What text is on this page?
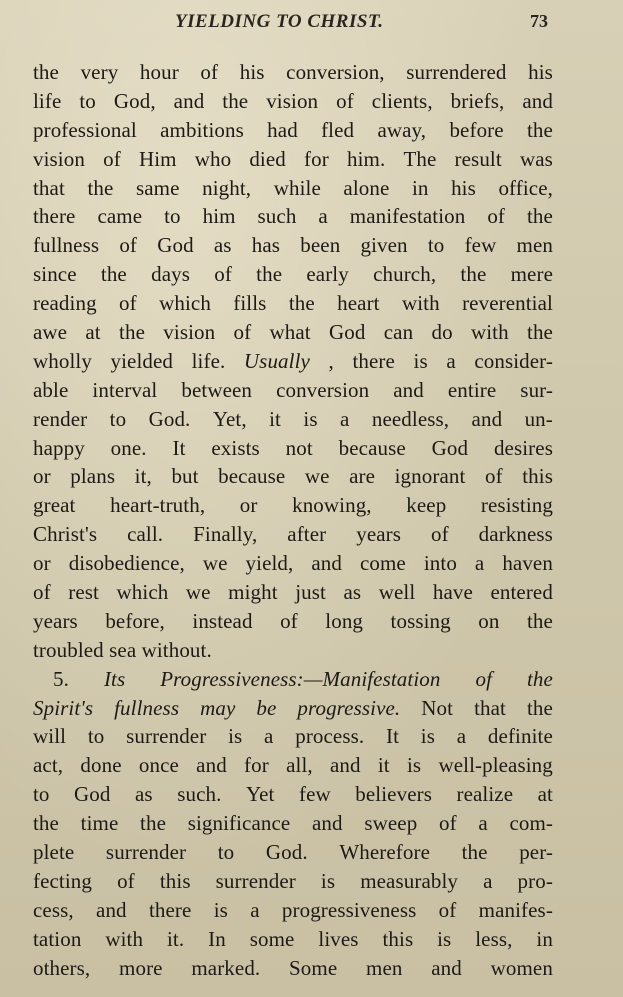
YIELDING TO CHRIST.	73
the very hour of his conversion, surrendered his
life to God, and the vision of clients, briefs, and
professional ambitions had fled away, before the
vision of Him who died for him. The result was
that the same night, while alone in his office,
there came to him such a manifestation of the
fullness of God as has been given to few men
since the days of the early church, the mere
reading of which fills the heart with reverential
awe at the vision of what God can do with the
wholly yielded life. Usually , there is a consider-
able interval between conversion and entire sur-
render to God. Yet, it is a needless, and un-
happy one. It exists not because God desires
or plans it, but because we are ignorant of this
great heart-truth, or knowing, keep resisting
Christ's call. Finally, after years of darkness
or disobedience, we yield, and come into a haven
of rest which we might just as well have entered
years before, instead of long tossing on the
troubled sea without.
5. Its Progressiveness:—Manifestation of the
Spirit's fullness may be progressive. Not that the
will to surrender is a process. It is a definite
act, done once and for all, and it is well-pleasing
to God as such. Yet few believers realize at
the time the significance and sweep of a com-
plete surrender to God. Wherefore the per-
fecting of this surrender is measurably a pro-
cess, and there is a progressiveness of manifes-
tation with it. In some lives this is less, in
others, more marked. Some men and women
